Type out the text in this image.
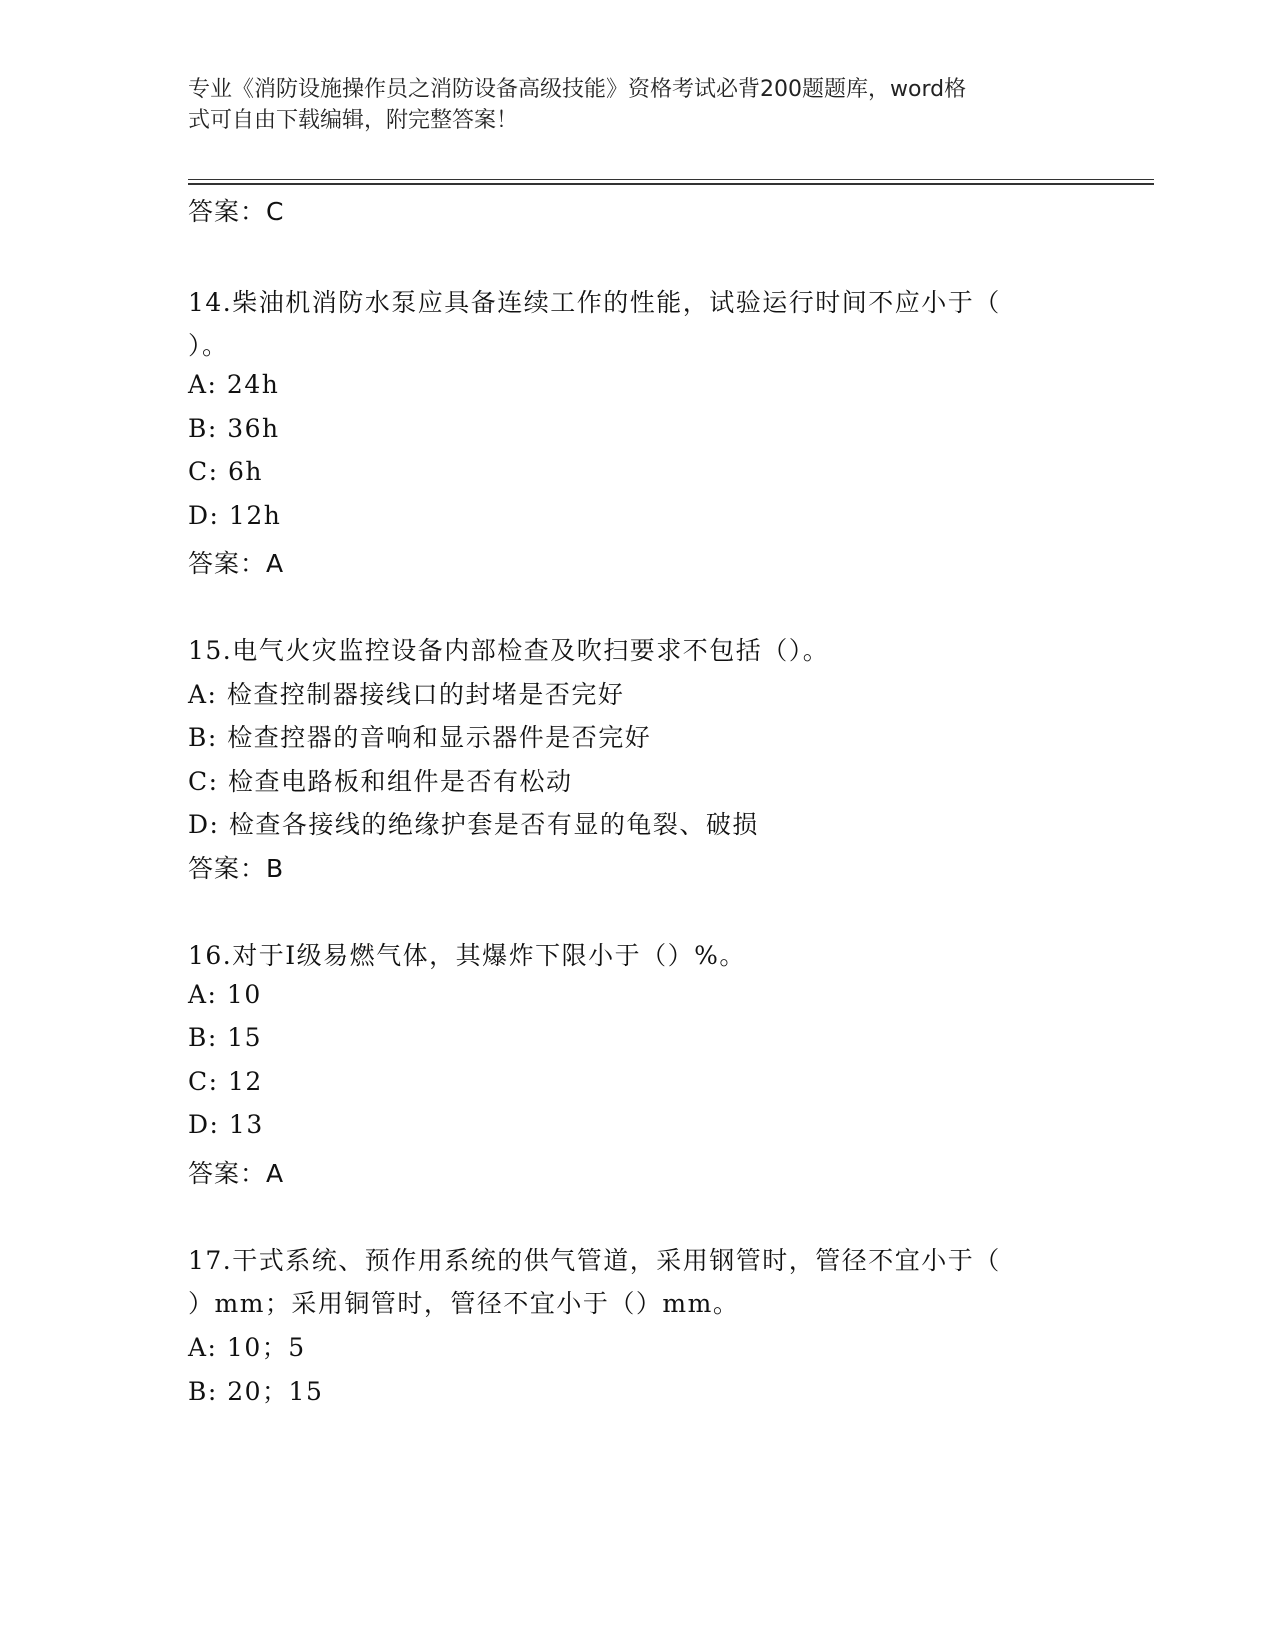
专业《消防设施操作员之消防设备高级技能》资格考试必背200题题库，word格
式可自由下载编辑，附完整答案！
答案：C
14.柴油机消防水泵应具备连续工作的性能，试验运行时间不应小于（
）。
A: 24h
B: 36h
C: 6h
D: 12h
答案：A
15.电气火灾监控设备内部检查及吹扫要求不包括（）。
A: 检查控制器接线口的封堵是否完好
B: 检查控器的音响和显示器件是否完好
C: 检查电路板和组件是否有松动
D: 检查各接线的绝缘护套是否有显的龟裂、破损
答案：B
16.对于Ⅰ级易燃气体，其爆炸下限小于（）%。
A: 10
B: 15
C: 12
D: 13
答案：A
17.干式系统、预作用系统的供气管道，采用钢管时，管径不宜小于（
）mm；采用铜管时，管径不宜小于（）mm。
A: 10；5
B: 20；15
